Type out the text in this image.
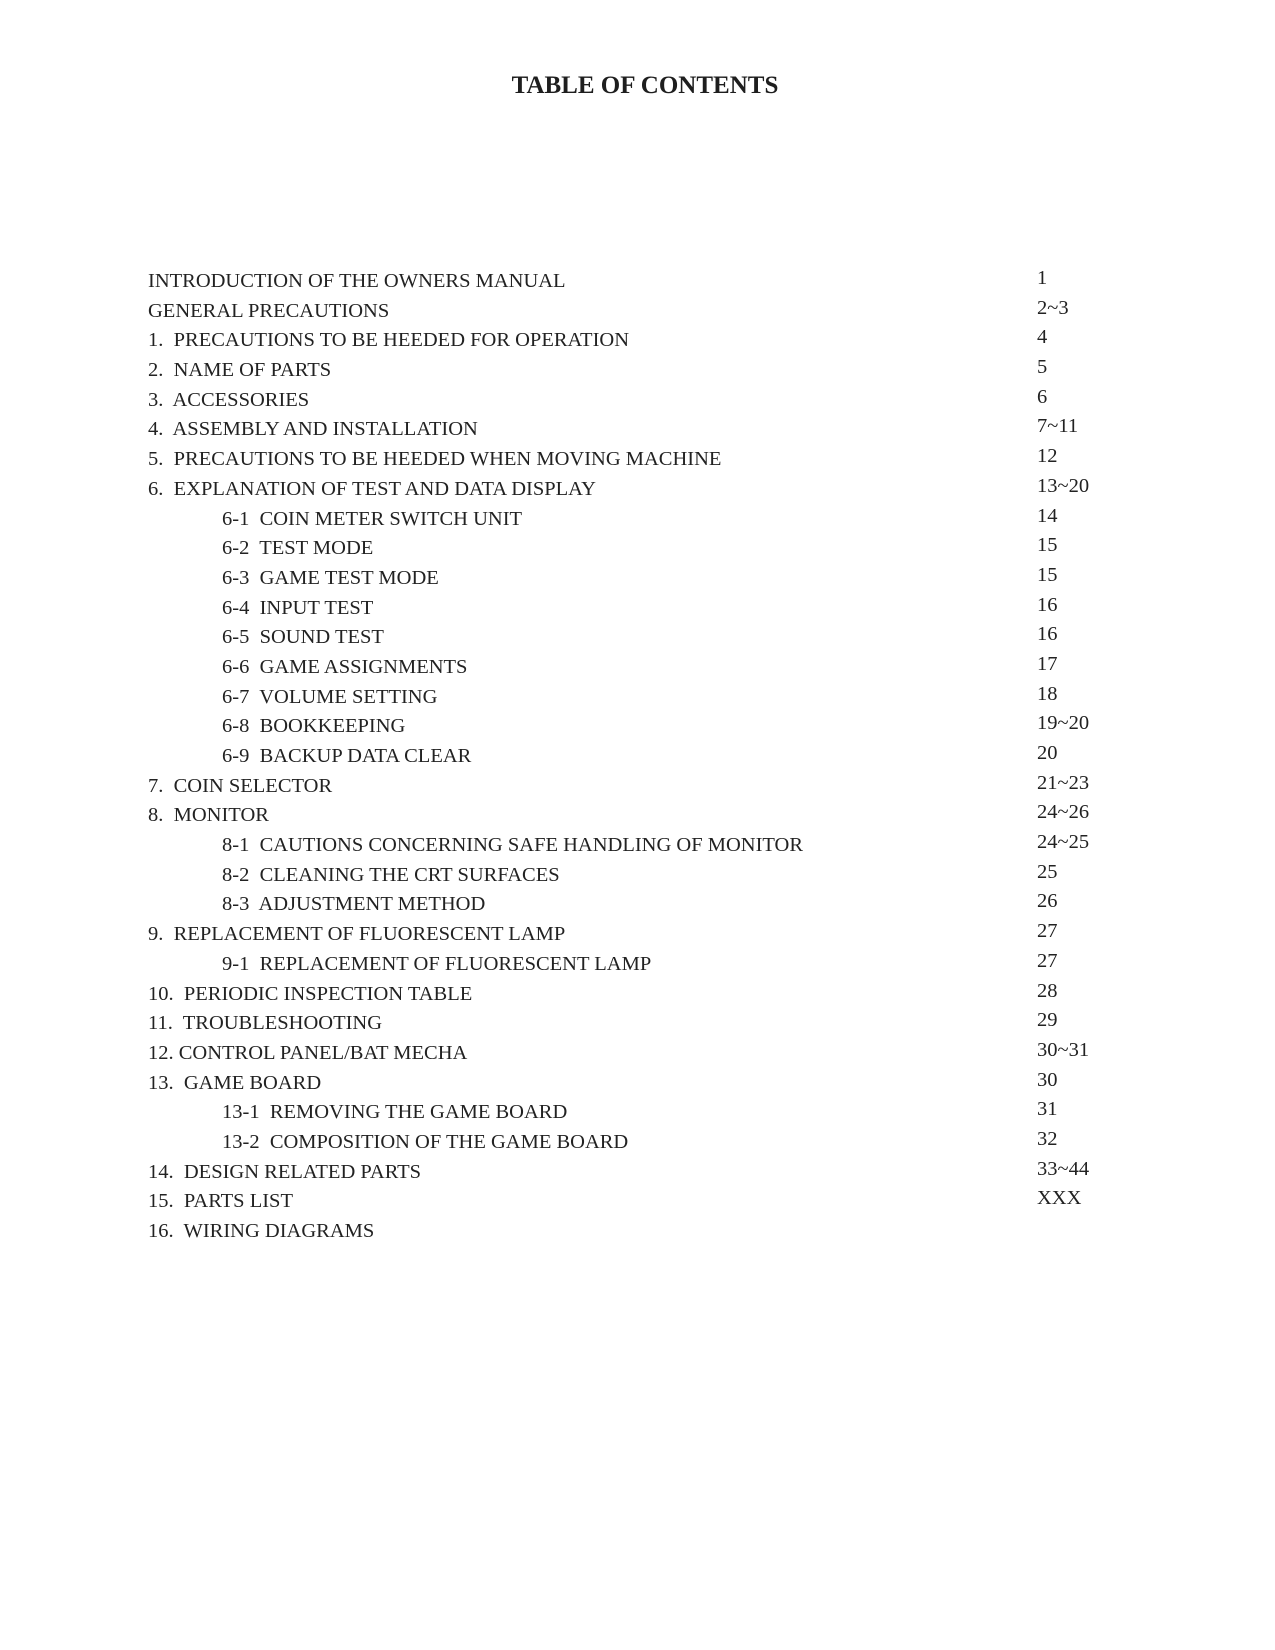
TABLE OF CONTENTS
INTRODUCTION OF THE OWNERS MANUAL	1
GENERAL PRECAUTIONS	2~3
1.  PRECAUTIONS TO BE HEEDED FOR OPERATION	4
2.  NAME OF PARTS	5
3.  ACCESSORIES	6
4.  ASSEMBLY AND INSTALLATION	7~11
5.  PRECAUTIONS TO BE HEEDED WHEN MOVING MACHINE	12
6.  EXPLANATION OF TEST AND DATA DISPLAY	13~20
6-1  COIN METER SWITCH UNIT	14
6-2  TEST MODE	15
6-3  GAME TEST MODE	15
6-4  INPUT TEST	16
6-5  SOUND TEST	16
6-6  GAME ASSIGNMENTS	17
6-7  VOLUME SETTING	18
6-8  BOOKKEEPING	19~20
6-9  BACKUP DATA CLEAR	20
7.  COIN SELECTOR	21~23
8.  MONITOR	24~26
8-1  CAUTIONS CONCERNING SAFE HANDLING OF MONITOR	24~25
8-2  CLEANING THE CRT SURFACES	25
8-3  ADJUSTMENT METHOD	26
9.  REPLACEMENT OF FLUORESCENT LAMP	27
9-1  REPLACEMENT OF FLUORESCENT LAMP	27
10.  PERIODIC INSPECTION TABLE	28
11.  TROUBLESHOOTING	29
12. CONTROL PANEL/BAT MECHA	30~31
13.  GAME BOARD	30
13-1  REMOVING THE GAME BOARD	31
13-2  COMPOSITION OF THE GAME BOARD	32
14.  DESIGN RELATED PARTS	33~44
15.  PARTS LIST	XXX
16.  WIRING DIAGRAMS
